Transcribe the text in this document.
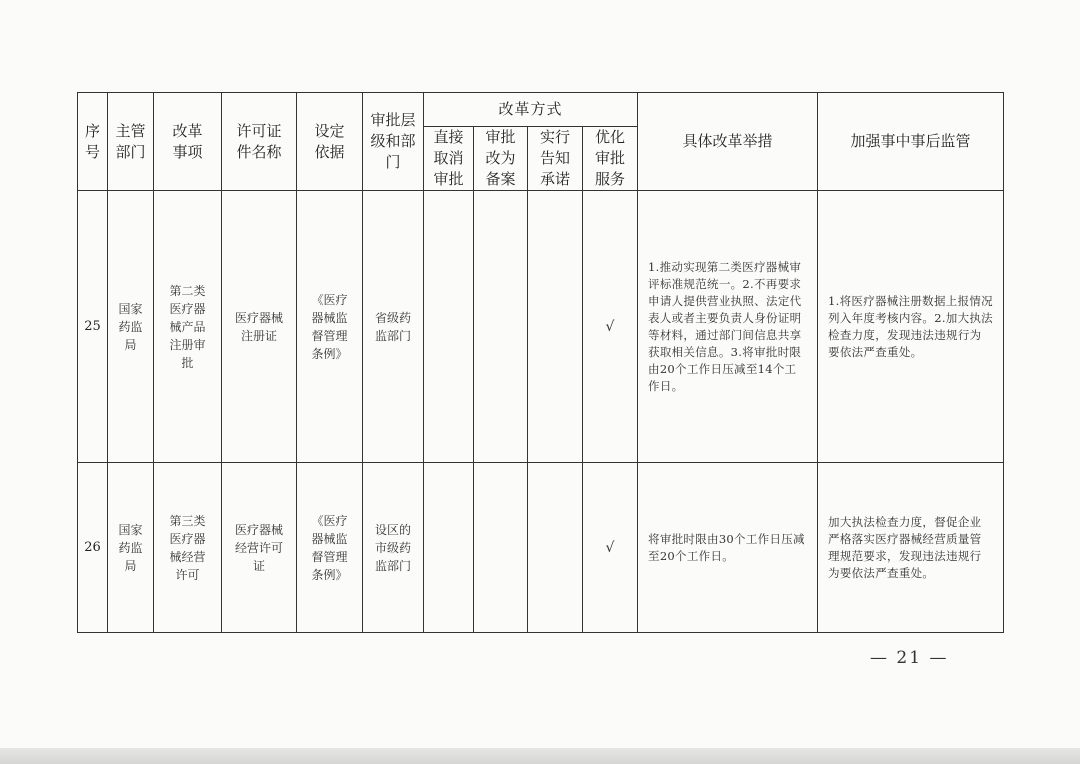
序号	主管部门	改革事项	许可证件名称	设定依据	审批层级和部门	改革方式				具体改革举措	加强事中事后监管
						直接取消审批	审批改为备案	实行告知承诺	优化审批服务		
25	国家药监局	第二类医疗器械产品注册审批	医疗器械注册证	《医疗器械监督管理条例》	省级药监部门				√	1.推动实现第二类医疗器械审评标准规范统一。2.不再要求申请人提供营业执照、法定代表人或者主要负责人身份证明等材料，通过部门间信息共享获取相关信息。3.将审批时限由20个工作日压减至14个工作日。	1.将医疗器械注册数据上报情况列入年度考核内容。2.加大执法检查力度，发现违法违规行为要依法严查重处。
26	国家药监局	第三类医疗器械经营许可	医疗器械经营许可证	《医疗器械监督管理条例》	设区的市级药监部门				√	将审批时限由30个工作日压减至20个工作日。	加大执法检查力度，督促企业严格落实医疗器械经营质量管理规范要求，发现违法违规行为要依法严查重处。
— 21 —
